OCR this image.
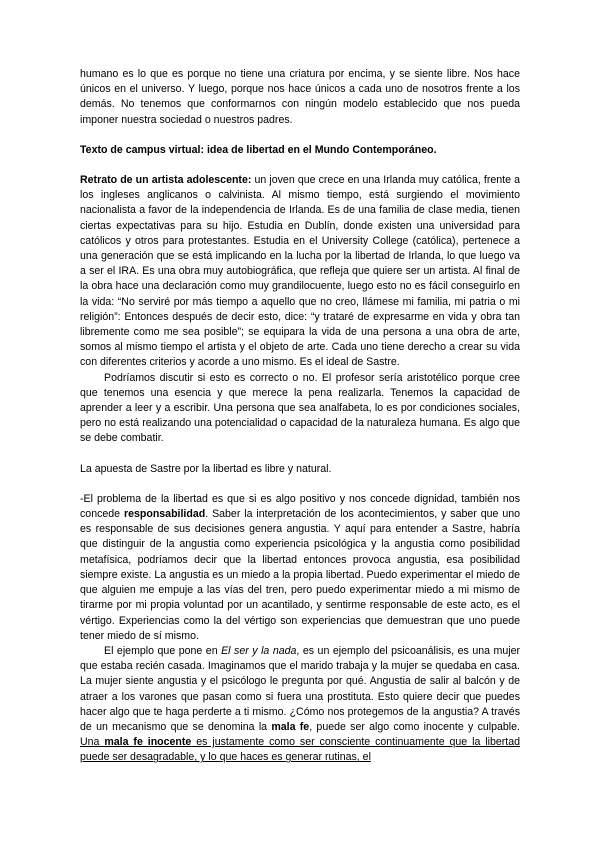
humano es lo que es porque no tiene una criatura por encima, y se siente libre. Nos hace únicos en el universo. Y luego, porque nos hace únicos a cada uno de nosotros frente a los demás. No tenemos que conformarnos con ningún modelo establecido que nos pueda imponer nuestra sociedad o nuestros padres.

Texto de campus virtual: idea de libertad en el Mundo Contemporáneo.

Retrato de un artista adolescente: un joven que crece en una Irlanda muy católica, frente a los ingleses anglicanos o calvinista. Al mismo tiempo, está surgiendo el movimiento nacionalista a favor de la independencia de Irlanda. Es de una familia de clase media, tienen ciertas expectativas para su hijo. Estudia en Dublín, donde existen una universidad para católicos y otros para protestantes. Estudia en el University College (católica), pertenece a una generación que se está implicando en la lucha por la libertad de Irlanda, lo que luego va a ser el IRA. Es una obra muy autobiográfica, que refleja que quiere ser un artista. Al final de la obra hace una declaración como muy grandilocuente, luego esto no es fácil conseguirlo en la vida: “No serviré por más tiempo a aquello que no creo, llámese mi familia, mi patria o mi religión”: Entonces después de decir esto, dice: “y trataré de expresarme en vida y obra tan libremente como me sea posible”; se equipara la vida de una persona a una obra de arte, somos al mismo tiempo el artista y el objeto de arte. Cada uno tiene derecho a crear su vida con diferentes criterios y acorde a uno mismo. Es el ideal de Sastre.

Podríamos discutir si esto es correcto o no. El profesor sería aristotélico porque cree que tenemos una esencia y que merece la pena realizarla. Tenemos la capacidad de aprender a leer y a escribir. Una persona que sea analfabeta, lo es por condiciones sociales, pero no está realizando una potencialidad o capacidad de la naturaleza humana. Es algo que se debe combatir.

La apuesta de Sastre por la libertad es libre y natural.

-El problema de la libertad es que si es algo positivo y nos concede dignidad, también nos concede responsabilidad. Saber la interpretación de los acontecimientos, y saber que uno es responsable de sus decisiones genera angustia. Y aquí para entender a Sastre, habría que distinguir de la angustia como experiencia psicológica y la angustia como posibilidad metafísica, podríamos decir que la libertad entonces provoca angustia, esa posibilidad siempre existe. La angustia es un miedo a la propia libertad. Puedo experimentar el miedo de que alguien me empuje a las vías del tren, pero puedo experimentar miedo a mi mismo de tirarme por mi propia voluntad por un acantilado, y sentirme responsable de este acto, es el vértigo. Experiencias como la del vértigo son experiencias que demuestran que uno puede tener miedo de sí mismo.

El ejemplo que pone en El ser y la nada, es un ejemplo del psicoanálisis, es una mujer que estaba recién casada. Imaginamos que el marido trabaja y la mujer se quedaba en casa. La mujer siente angustia y el psicólogo le pregunta por qué. Angustia de salir al balcón y de atraer a los varones que pasan como si fuera una prostituta. Esto quiere decir que puedes hacer algo que te haga perderte a ti mismo. ¿Cómo nos protegemos de la angustia? A través de un mecanismo que se denomina la mala fe, puede ser algo como inocente y culpable. Una mala fe inocente es justamente como ser consciente continuamente que la libertad puede ser desagradable, y lo que haces es generar rutinas, el
